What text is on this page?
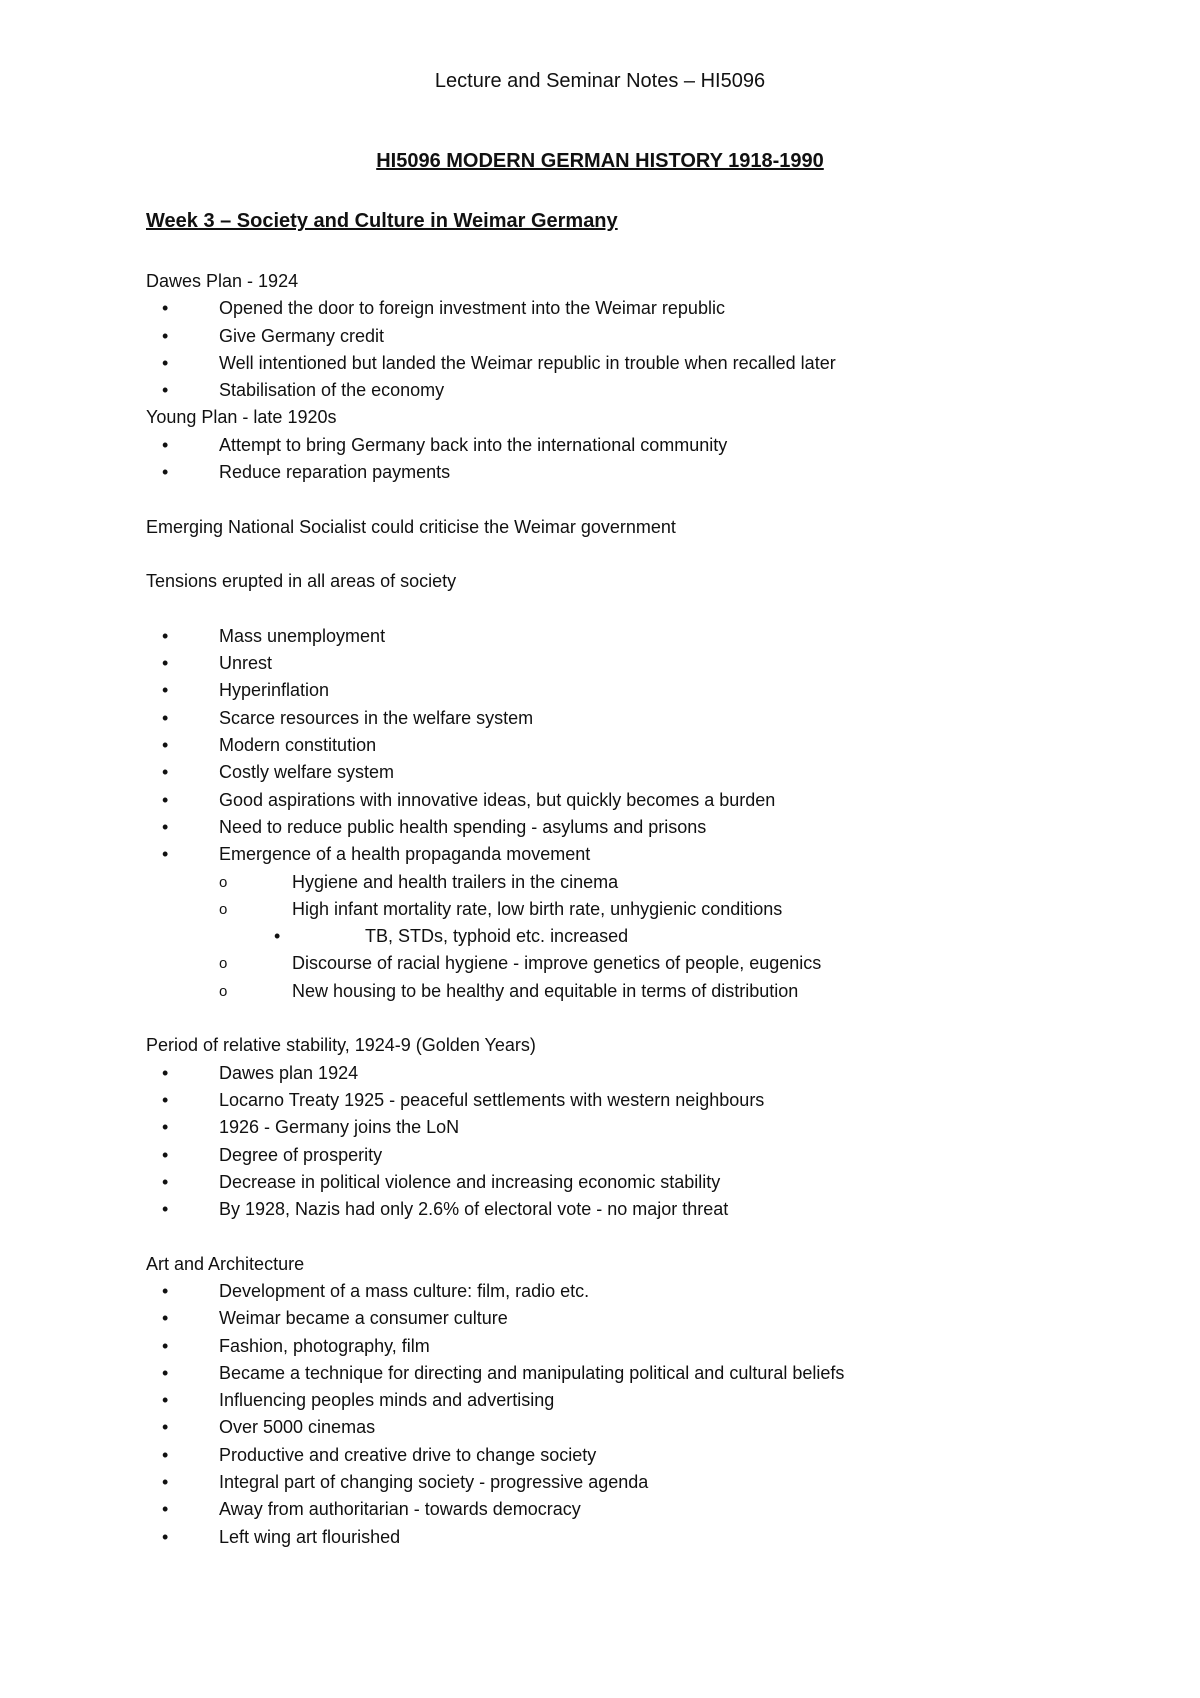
Lecture and Seminar Notes – HI5096
HI5096 MODERN GERMAN HISTORY 1918-1990
Week 3 – Society and Culture in Weimar Germany
Dawes Plan - 1924
•	Opened the door to foreign investment into the Weimar republic
•	Give Germany credit
•	Well intentioned but landed the Weimar republic in trouble when recalled later
•	Stabilisation of the economy
Young Plan - late 1920s
•	Attempt to bring Germany back into the international community
•	Reduce reparation payments
Emerging National Socialist could criticise the Weimar government
Tensions erupted in all areas of society
•	Mass unemployment
•	Unrest
•	Hyperinflation
•	Scarce resources in the welfare system
•	Modern constitution
•	Costly welfare system
•	Good aspirations with innovative ideas, but quickly becomes a burden
•	Need to reduce public health spending - asylums and prisons
•	Emergence of a health propaganda movement
o	Hygiene and health trailers in the cinema
o	High infant mortality rate, low birth rate, unhygienic conditions
•	TB, STDs, typhoid etc. increased
o	Discourse of racial hygiene - improve genetics of people, eugenics
o	New housing to be healthy and equitable in terms of distribution
Period of relative stability, 1924-9 (Golden Years)
•	Dawes plan 1924
•	Locarno Treaty 1925 - peaceful settlements with western neighbours
•	1926 - Germany joins the LoN
•	Degree of prosperity
•	Decrease in political violence and increasing economic stability
•	By 1928, Nazis had only 2.6% of electoral vote - no major threat
Art and Architecture
•	Development of a mass culture: film, radio etc.
•	Weimar became a consumer culture
•	Fashion, photography, film
•	Became a technique for directing and manipulating political and cultural beliefs
•	Influencing peoples minds and advertising
•	Over 5000 cinemas
•	Productive and creative drive to change society
•	Integral part of changing society - progressive agenda
•	Away from authoritarian - towards democracy
•	Left wing art flourished
